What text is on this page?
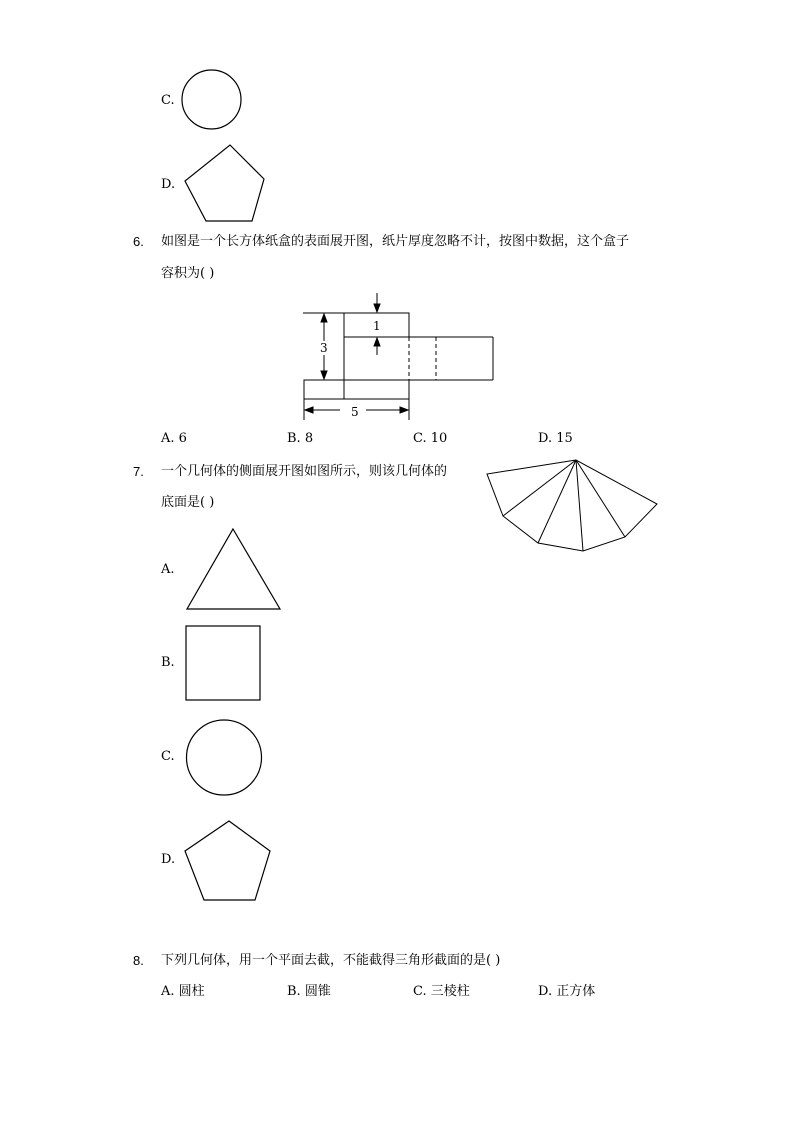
C.
D.
6. 如图是一个长方体纸盒的表面展开图，纸片厚度忽略不计，按图中数据，这个盒子
容积为( )
1
3
5
A. 6	B. 8	C. 10	D. 15
7. 一个几何体的侧面展开图如图所示，则该几何体的
底面是( )
A.
B.
C.
D.
8. 下列几何体，用一个平面去截，不能截得三角形截面的是( )
A. 圆柱	B. 圆锥	C. 三棱柱	D. 正方体
